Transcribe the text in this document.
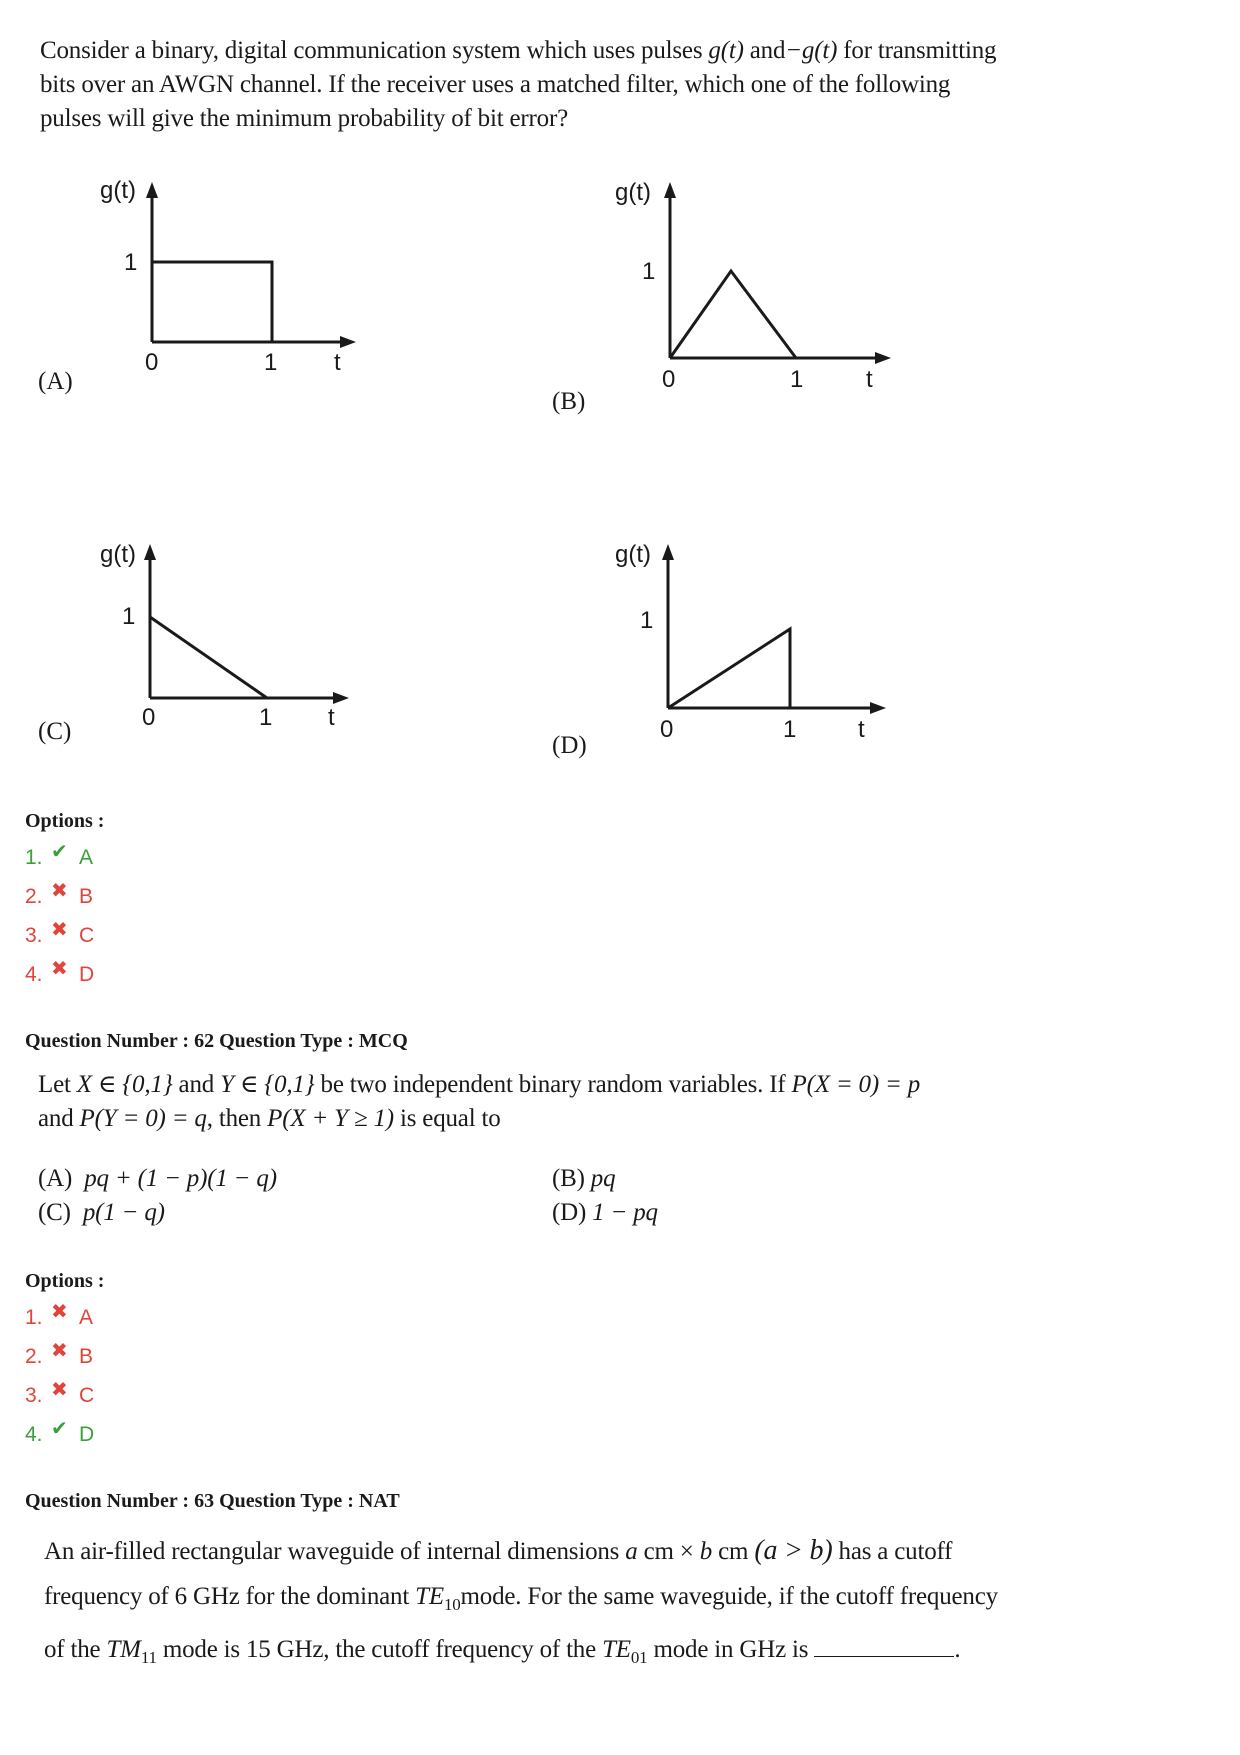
Consider a binary, digital communication system which uses pulses g(t) and−g(t) for transmitting
bits over an AWGN channel. If the receiver uses a matched filter, which one of the following
pulses will give the minimum probability of bit error?
g(t)
1
0	1 t
(A)
g(t)
1
0	1	t
(B)
g(t)
1
0	1 t
(C)
g(t)
1
0	1	t
(D)
Options :
1. ✔ A
2. ✖ B
3. ✖ C
4. ✖ D
Question Number : 62 Question Type : MCQ
Let X ∈ {0,1} and Y ∈ {0,1} be two independent binary random variables. If P(X = 0) = p
and P(Y = 0) = q, then P(X + Y ≥ 1) is equal to
(A) pq + (1 − p)(1 − q)	(B) pq
(C) p(1 − q)	(D) 1 − pq
Options :
1. ✖ A
2. ✖ B
3. ✖ C
4. ✔ D
Question Number : 63 Question Type : NAT
An air-filled rectangular waveguide of internal dimensions a cm × b cm (a > b) has a cutoff
frequency of 6 GHz for the dominant $TE_{10}mode$. For the same waveguide, if the cutoff frequency
of the $TM_{11}$ mode is 15 GHz, the cutoff frequency of the $TE_{01}$ mode in GHz is	.
